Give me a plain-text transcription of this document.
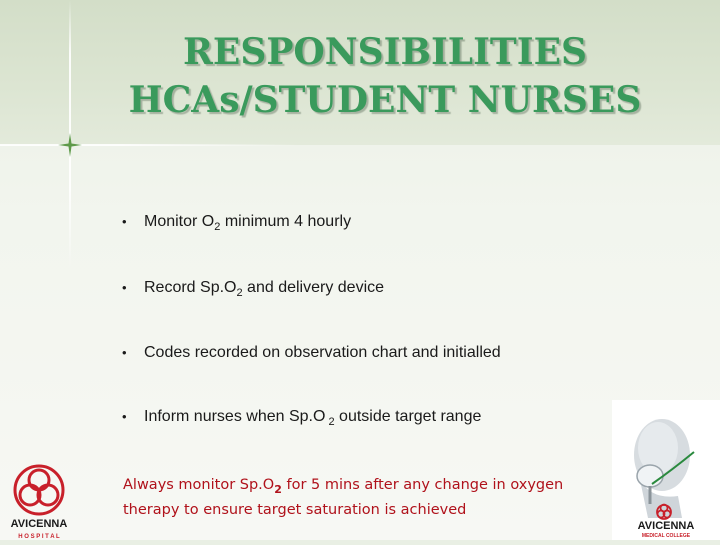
RESPONSIBILITIES
HCAs/STUDENT NURSES
• Monitor $O_2$ minimum 4 hourly
• Record $Sp.O_2$ and delivery device
• Codes recorded on observation chart and initialled
• Inform nurses when Sp.O $_2$ outside target range
Always monitor $Sp.O_2$ for 5 mins after any change in oxygen therapy to ensure target saturation is achieved
AVICENNA
H O S P I T A L
AVICENNA
MEDICAL COLLEGE
